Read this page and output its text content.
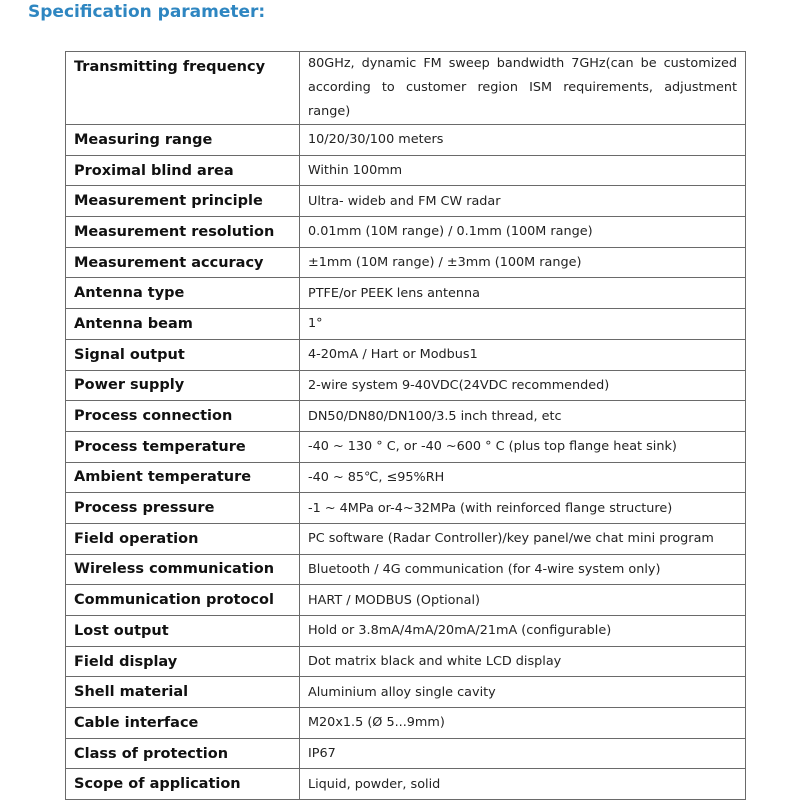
Specification parameter:
Transmitting frequency	80GHz, dynamic FM sweep bandwidth 7GHz(can be customized according to customer region ISM requirements, adjustment range)
Measuring range	10/20/30/100 meters
Proximal blind area	Within 100mm
Measurement principle	Ultra- wideb and FM CW radar
Measurement resolution	0.01mm (10M range) / 0.1mm (100M range)
Measurement accuracy	±1mm (10M range) / ±3mm (100M range)
Antenna type	PTFE/or PEEK lens antenna
Antenna beam	1°
Signal output	4-20mA / Hart or Modbus1
Power supply	2-wire system 9-40VDC(24VDC recommended)
Process connection	DN50/DN80/DN100/3.5 inch thread, etc
Process temperature	-40 ~ 130 ° C, or -40 ~600 ° C (plus top flange heat sink)
Ambient temperature	-40 ~ 85℃, ≤95%RH
Process pressure	-1 ~ 4MPa or-4~32MPa (with reinforced flange structure)
Field operation	PC software (Radar Controller)/key panel/we chat mini program
Wireless communication	Bluetooth / 4G communication (for 4-wire system only)
Communication protocol	HART / MODBUS (Optional)
Lost output	Hold or 3.8mA/4mA/20mA/21mA (configurable)
Field display	Dot matrix black and white LCD display
Shell material	Aluminium alloy single cavity
Cable interface	M20x1.5 (Ø 5...9mm)
Class of protection	IP67
Scope of application	Liquid, powder, solid
